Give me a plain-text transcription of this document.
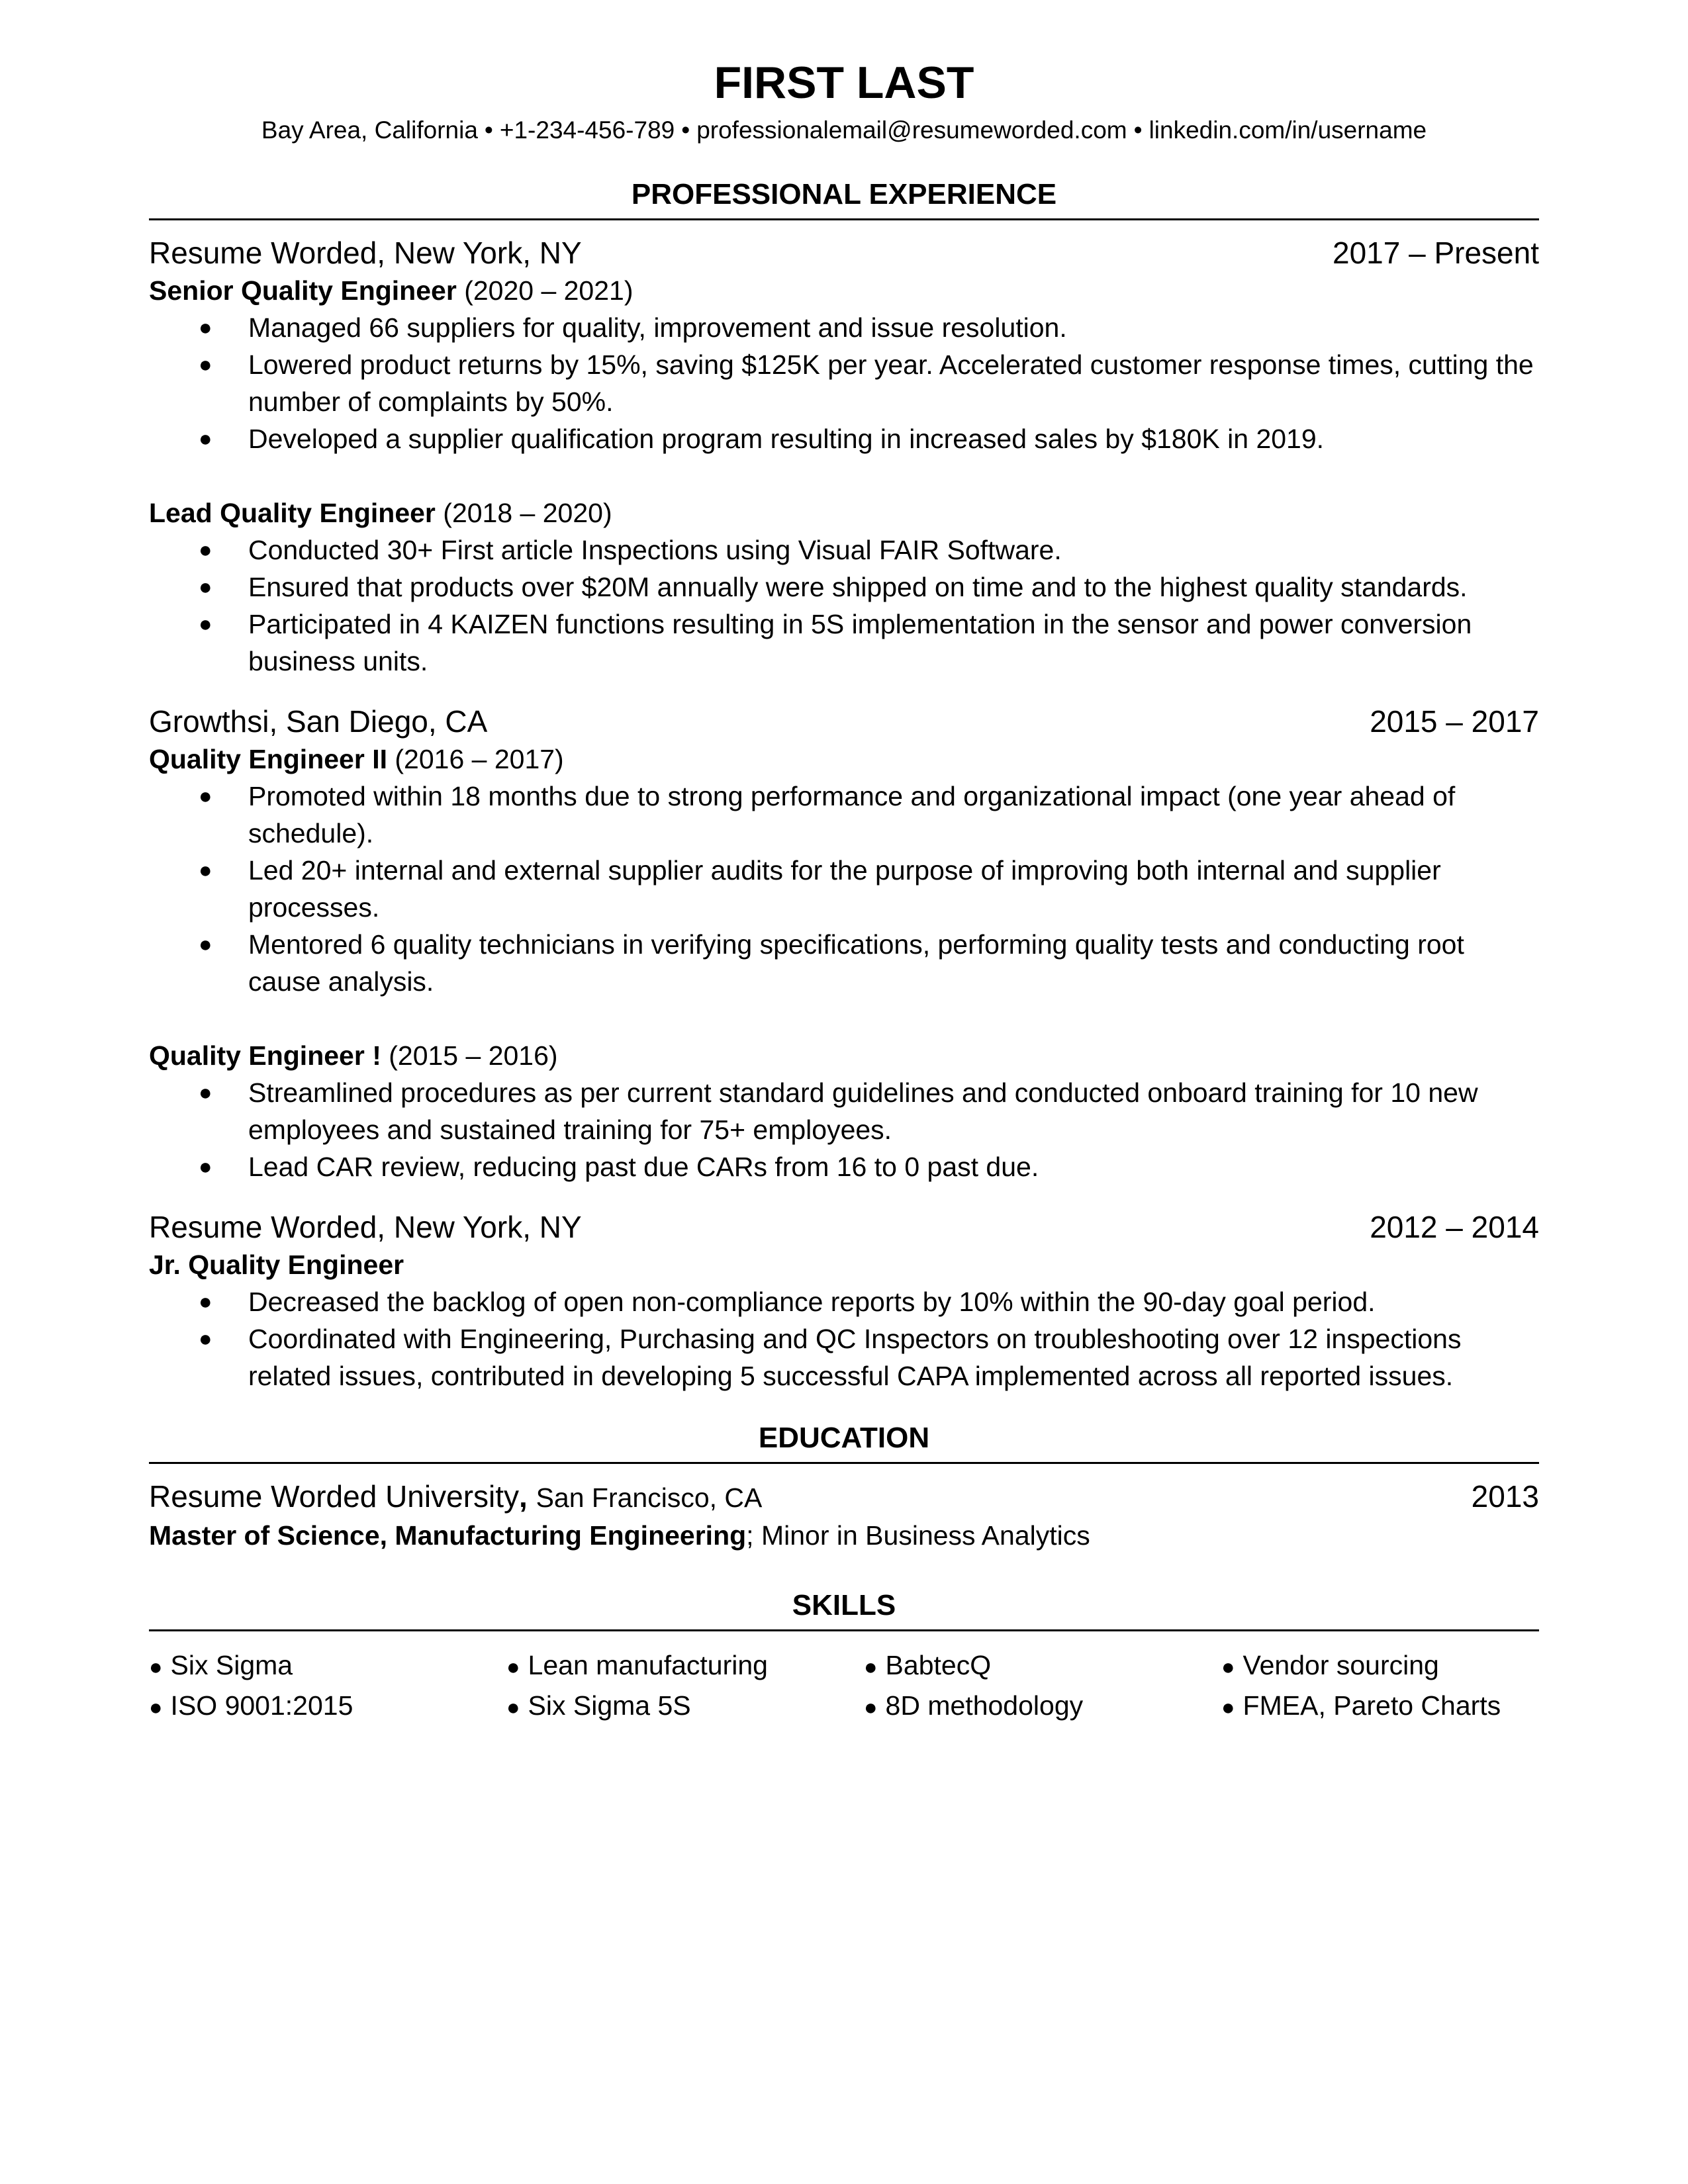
FIRST LAST
Bay Area, California • +1-234-456-789 • professionalemail@resumeworded.com • linkedin.com/in/username
PROFESSIONAL EXPERIENCE
Resume Worded, New York, NY	2017 – Present
Senior Quality Engineer (2020 – 2021)
● Managed 66 suppliers for quality, improvement and issue resolution.
● Lowered product returns by 15%, saving $125K per year. Accelerated customer response times, cutting the number of complaints by 50%.
● Developed a supplier qualification program resulting in increased sales by $180K in 2019.
Lead Quality Engineer (2018 – 2020)
● Conducted 30+ First article Inspections using Visual FAIR Software.
● Ensured that products over $20M annually were shipped on time and to the highest quality standards.
● Participated in 4 KAIZEN functions resulting in 5S implementation in the sensor and power conversion business units.
Growthsi, San Diego, CA	2015 – 2017
Quality Engineer II (2016 – 2017)
● Promoted within 18 months due to strong performance and organizational impact (one year ahead of schedule).
● Led 20+ internal and external supplier audits for the purpose of improving both internal and supplier processes.
● Mentored 6 quality technicians in verifying specifications, performing quality tests and conducting root cause analysis.
Quality Engineer ! (2015 – 2016)
● Streamlined procedures as per current standard guidelines and conducted onboard training for 10 new employees and sustained training for 75+ employees.
● Lead CAR review, reducing past due CARs from 16 to 0 past due.
Resume Worded, New York, NY	2012 – 2014
Jr. Quality Engineer
● Decreased the backlog of open non-compliance reports by 10% within the 90-day goal period.
● Coordinated with Engineering, Purchasing and QC Inspectors on troubleshooting over 12 inspections related issues, contributed in developing 5 successful CAPA implemented across all reported issues.
EDUCATION
Resume Worded University, San Francisco, CA	2013
Master of Science, Manufacturing Engineering; Minor in Business Analytics
SKILLS
● Six Sigma	● Lean manufacturing	● BabtecQ	● Vendor sourcing
● ISO 9001:2015	● Six Sigma 5S	● 8D methodology	● FMEA, Pareto Charts
